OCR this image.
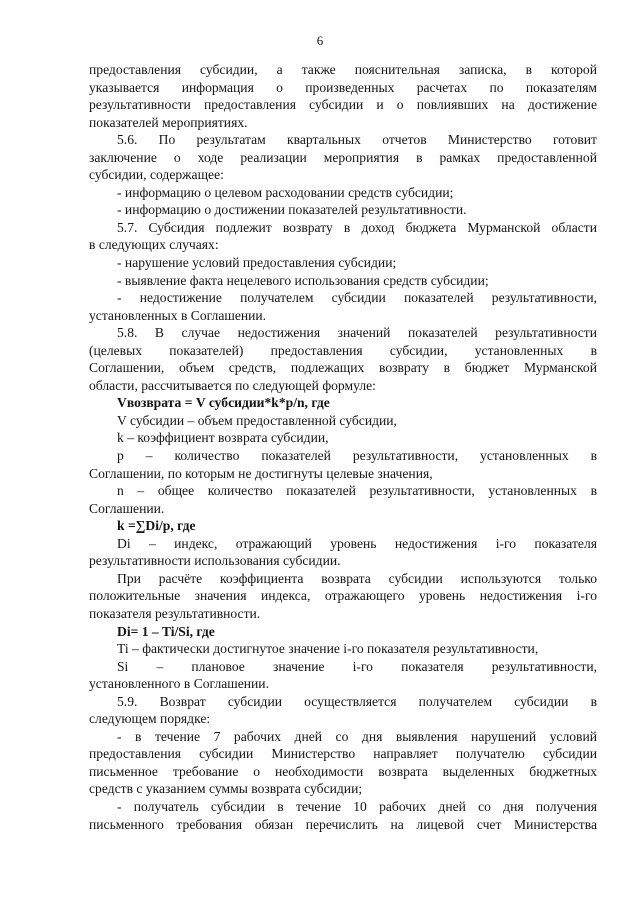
6
предоставления субсидии, а также пояснительная записка, в которой
указывается информация о произведенных расчетах по показателям
результативности предоставления субсидии и о повлиявших на достижение
показателей мероприятиях.
5.6. По результатам квартальных отчетов Министерство готовит
заключение о ходе реализации мероприятия в рамках предоставленной
субсидии, содержащее:
- информацию о целевом расходовании средств субсидии;
- информацию о достижении показателей результативности.
5.7. Субсидия подлежит возврату в доход бюджета Мурманской области
в следующих случаях:
- нарушение условий предоставления субсидии;
- выявление факта нецелевого использования средств субсидии;
- недостижение получателем субсидии показателей результативности,
установленных в Соглашении.
5.8. В случае недостижения значений показателей результативности
(целевых показателей) предоставления субсидии, установленных в
Соглашении, объем средств, подлежащих возврату в бюджет Мурманской
области, рассчитывается по следующей формуле:
Vвозврата = V субсидии*k*p/n, где
V субсидии – объем предоставленной субсидии,
k – коэффициент возврата субсидии,
p – количество показателей результативности, установленных в
Соглашении, по которым не достигнуты целевые значения,
n – общее количество показателей результативности, установленных в
Соглашении.
k =∑Di/p, где
Di – индекс, отражающий уровень недостижения i-го показателя
результативности использования субсидии.
При расчёте коэффициента возврата субсидии используются только
положительные значения индекса, отражающего уровень недостижения i-го
показателя результативности.
Di= 1 – Ti/Si, где
Ti – фактически достигнутое значение i-го показателя результативности,
Si – плановое значение i-го показателя результативности,
установленного в Соглашении.
5.9. Возврат субсидии осуществляется получателем субсидии в
следующем порядке:
- в течение 7 рабочих дней со дня выявления нарушений условий
предоставления субсидии Министерство направляет получателю субсидии
письменное требование о необходимости возврата выделенных бюджетных
средств с указанием суммы возврата субсидии;
- получатель субсидии в течение 10 рабочих дней со дня получения
письменного требования обязан перечислить на лицевой счет Министерства
